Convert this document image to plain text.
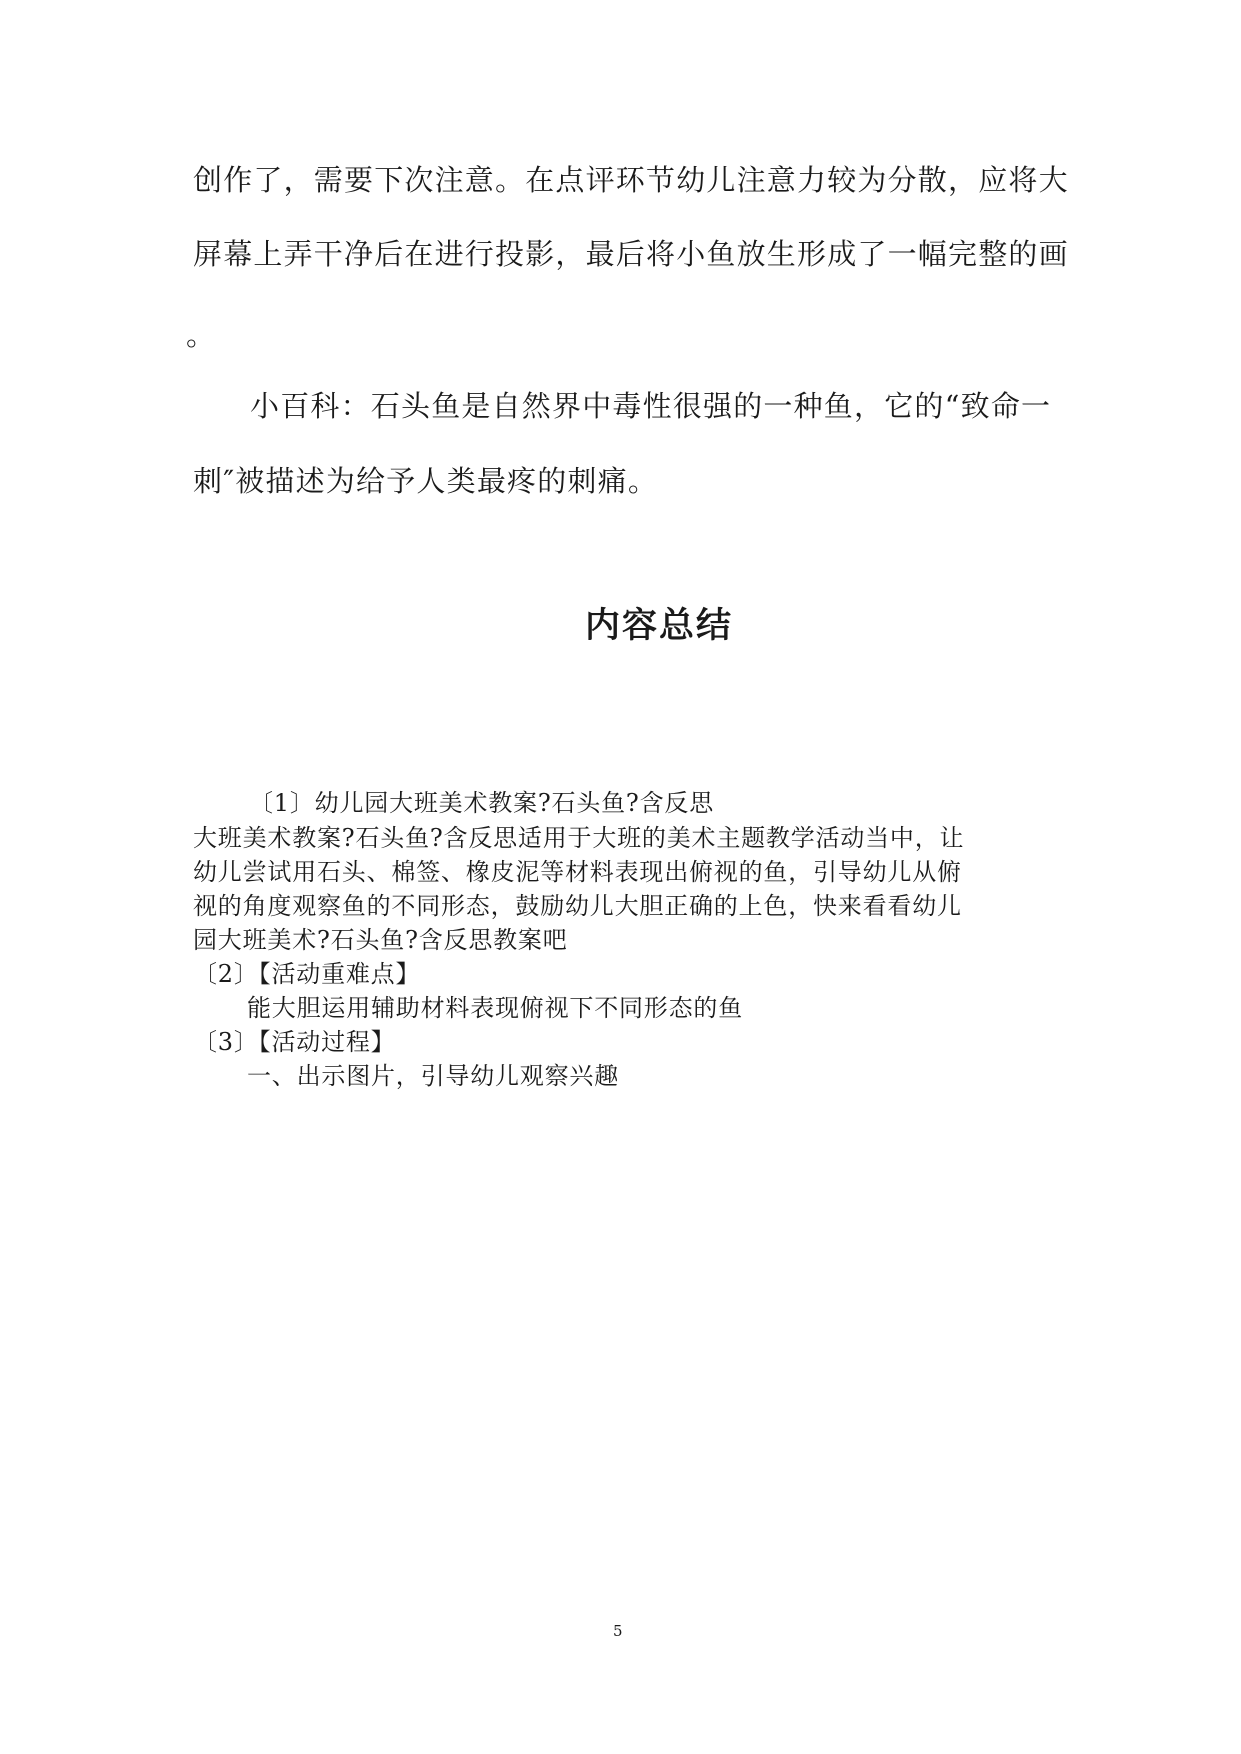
创作了，需要下次注意。在点评环节幼儿注意力较为分散，应将大

屏幕上弄干净后在进行投影，最后将小鱼放生形成了一幅完整的画

。

小百科：石头鱼是自然界中毒性很强的一种鱼，它的“致命一

刺″被描述为给予人类最疼的刺痛。

内容总结

〔1〕幼儿园大班美术教案?石头鱼?含反思

大班美术教案?石头鱼?含反思适用于大班的美术主题教学活动当中，让

幼儿尝试用石头、棉签、橡皮泥等材料表现出俯视的鱼，引导幼儿从俯

视的角度观察鱼的不同形态，鼓励幼儿大胆正确的上色，快来看看幼儿

园大班美术?石头鱼?含反思教案吧

〔2〕【活动重难点】

能大胆运用辅助材料表现俯视下不同形态的鱼

〔3〕【活动过程】

一、出示图片，引导幼儿观察兴趣

5
